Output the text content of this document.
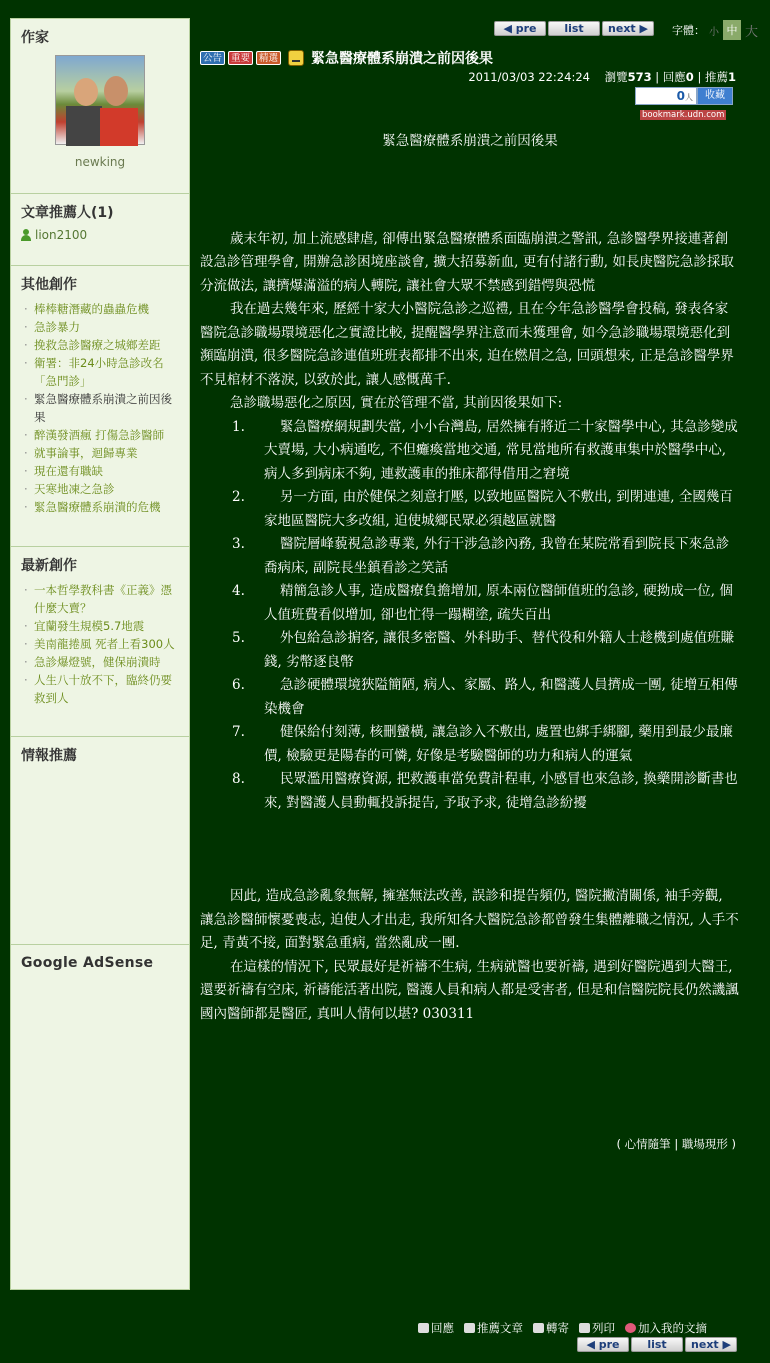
作家
newking
文章推薦人(1)
lion2100
其他創作
· 棒棒糖潛藏的蟲蟲危機
· 急診暴力
· 挽救急診醫療之城鄉差距
· 衛署：非24小時急診改名「急門診」
· 緊急醫療體系崩潰之前因後果
· 醉漢發酒瘋 打傷急診醫師
· 就事論事，迴歸專業
· 現在還有職缺
· 天寒地凍之急診
· 緊急醫療體系崩潰的危機
最新創作
· 一本哲學教科書《正義》憑什麼大賣？
· 宜蘭發生規模5.7地震
· 美南龍捲風 死者上看300人
· 急診爆燈號，健保崩潰時
· 人生八十放不下，臨終仍要救到人
情報推薦
Google AdSense
◀ pre	list	next ▶	字體： 小 中 大
公告 重要 精選 緊急醫療體系崩潰之前因後果
2011/03/03 22:24:24 瀏覽573 | 回應0 | 推薦1
0人	收藏
bookmark.udn.com
緊急醫療體系崩潰之前因後果

歲末年初, 加上流感肆虐, 卻傳出緊急醫療體系面臨崩潰之警訊, 急診醫學界接連著創設急診管理學會, 開辦急診困境座談會, 擴大招募新血, 更有付諸行動, 如長庚醫院急診採取分流做法, 讓擠爆滿溢的病人轉院, 讓社會大眾不禁感到錯愕與恐慌

我在過去幾年來, 歷經十家大小醫院急診之巡禮, 且在今年急診醫學會投稿, 發表各家醫院急診職場環境惡化之實證比較, 提醒醫學界注意而未獲理會, 如今急診職場環境惡化到瀕臨崩潰, 很多醫院急診連值班班表都排不出來, 迫在燃眉之急, 回頭想來, 正是急診醫學界不見棺材不落淚, 以致於此, 讓人感慨萬千.

急診職場惡化之原因, 實在於管理不當, 其前因後果如下:

1.	緊急醫療網規劃失當, 小小台灣島, 居然擁有將近二十家醫學中心, 其急診變成大賣場, 大小病通吃, 不但癱瘓當地交通, 常見當地所有救護車集中於醫學中心, 病人多到病床不夠, 連救護車的推床都得借用之窘境
2.	另一方面, 由於健保之刻意打壓, 以致地區醫院入不敷出, 到閉連連, 全國幾百家地區醫院大多改組, 迫使城鄉民眾必須越區就醫
3.	醫院層峰藐視急診專業, 外行干涉急診內務, 我曾在某院常看到院長下來急診喬病床, 副院長坐鎮看診之笑話
4.	精簡急診人事, 造成醫療負擔增加, 原本兩位醫師值班的急診, 硬拗成一位, 個人值班費看似增加, 卻也忙得一蹋糊塗, 疏失百出
5.	外包給急診掮客, 讓很多密醫、外科助手、替代役和外籍人士趁機到處值班賺錢, 劣幣逐良幣
6.	急診硬體環境狹隘簡陋, 病人、家屬、路人, 和醫護人員擠成一團, 徒增互相傳染機會
7.	健保給付刻薄, 核刪蠻橫, 讓急診入不敷出, 處置也綁手綁腳, 藥用到最少最廉價, 檢驗更是陽春的可憐, 好像是考驗醫師的功力和病人的運氣
8.	民眾濫用醫療資源, 把救護車當免費計程車, 小感冒也來急診, 換藥開診斷書也來, 對醫護人員動輒投訴提告, 予取予求, 徒增急診紛擾

因此, 造成急診亂象無解, 擁塞無法改善, 誤診和提告頻仍, 醫院撇清關係, 袖手旁觀, 讓急診醫師懷憂喪志, 迫使人才出走, 我所知各大醫院急診都曾發生集體離職之情況, 人手不足, 青黃不接, 面對緊急重病, 當然亂成一團.

在這樣的情況下, 民眾最好是祈禱不生病, 生病就醫也要祈禱, 遇到好醫院遇到大醫王, 還要祈禱有空床, 祈禱能活著出院, 醫護人員和病人都是受害者, 但是和信醫院院長仍然譏諷國內醫師都是醫匠, 真叫人情何以堪? 030311

( 心情隨筆 | 職場現形 )
回應 推薦文章 轉寄 列印 加入我的文摘
◀ pre	list	next ▶
